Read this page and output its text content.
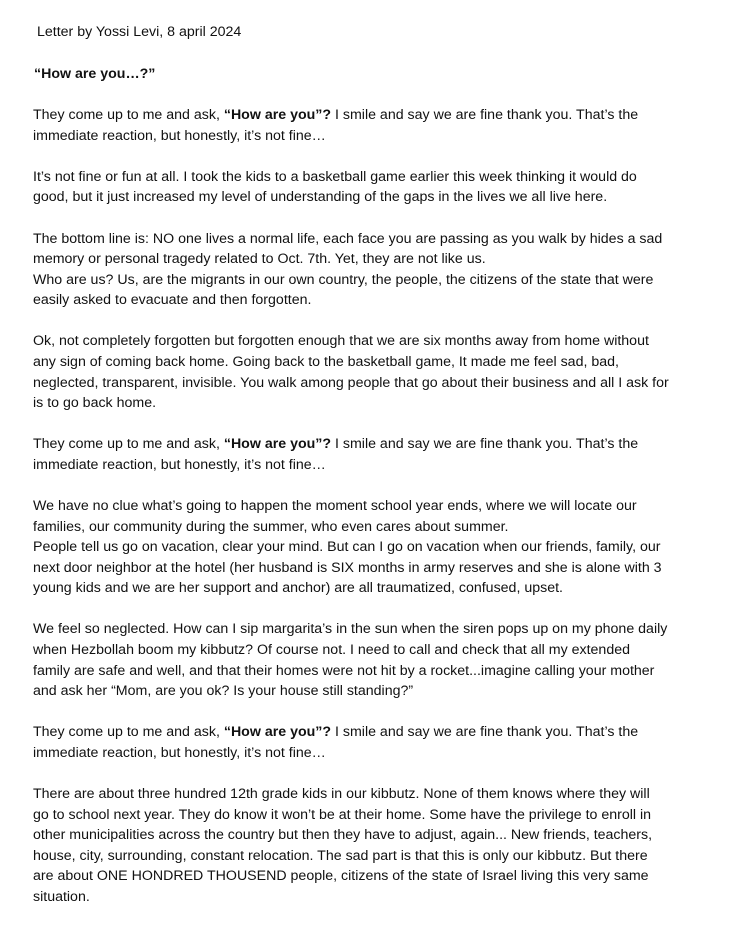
Letter by Yossi Levi, 8 april 2024
“How are you…?”
They come up to me and ask, “How are you”? I smile and say we are fine thank you. That’s the
immediate reaction, but honestly, it’s not fine…
It’s not fine or fun at all. I took the kids to a basketball game earlier this week thinking it would do
good, but it just increased my level of understanding of the gaps in the lives we all live here.
The bottom line is: NO one lives a normal life, each face you are passing as you walk by hides a sad
memory or personal tragedy related to Oct. 7th. Yet, they are not like us.
Who are us? Us, are the migrants in our own country, the people, the citizens of the state that were
easily asked to evacuate and then forgotten.
Ok, not completely forgotten but forgotten enough that we are six months away from home without
any sign of coming back home. Going back to the basketball game, It made me feel sad, bad,
neglected, transparent, invisible. You walk among people that go about their business and all I ask for
is to go back home.
They come up to me and ask, “How are you”? I smile and say we are fine thank you. That’s the
immediate reaction, but honestly, it’s not fine…
We have no clue what’s going to happen the moment school year ends, where we will locate our
families, our community during the summer, who even cares about summer.
People tell us go on vacation, clear your mind. But can I go on vacation when our friends, family, our
next door neighbor at the hotel (her husband is SIX months in army reserves and she is alone with 3
young kids and we are her support and anchor) are all traumatized, confused, upset.
We feel so neglected. How can I sip margarita’s in the sun when the siren pops up on my phone daily
when Hezbollah boom my kibbutz? Of course not. I need to call and check that all my extended
family are safe and well, and that their homes were not hit by a rocket...imagine calling your mother
and ask her “Mom, are you ok? Is your house still standing?”
They come up to me and ask, “How are you”? I smile and say we are fine thank you. That’s the
immediate reaction, but honestly, it’s not fine…
There are about three hundred 12th grade kids in our kibbutz. None of them knows where they will
go to school next year. They do know it won’t be at their home. Some have the privilege to enroll in
other municipalities across the country but then they have to adjust, again... New friends, teachers,
house, city, surrounding, constant relocation. The sad part is that this is only our kibbutz. But there
are about ONE HONDRED THOUSEND people, citizens of the state of Israel living this very same
situation.
